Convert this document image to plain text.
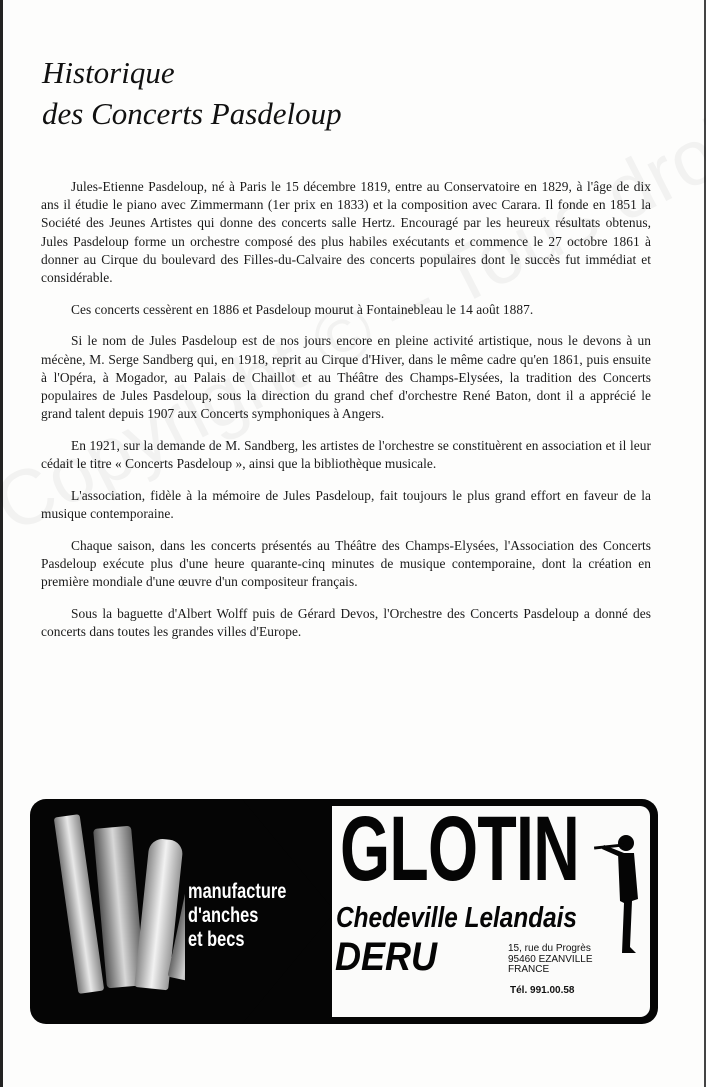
Historique
des Concerts Pasdeloup

Jules-Etienne Pasdeloup, né à Paris le 15 décembre 1819, entre au Conservatoire en 1829, à l'âge de dix ans il étudie le piano avec Zimmermann (1er prix en 1833) et la composition avec Carara. Il fonde en 1851 la Société des Jeunes Artistes qui donne des concerts salle Hertz. Encouragé par les heureux résultats obtenus, Jules Pasdeloup forme un orchestre composé des plus habiles exécutants et commence le 27 octobre 1861 à donner au Cirque du boulevard des Filles-du-Calvaire des concerts populaires dont le succès fut immédiat et considérable.

Ces concerts cessèrent en 1886 et Pasdeloup mourut à Fontainebleau le 14 août 1887.

Si le nom de Jules Pasdeloup est de nos jours encore en pleine activité artistique, nous le devons à un mécène, M. Serge Sandberg qui, en 1918, reprit au Cirque d'Hiver, dans le même cadre qu'en 1861, puis ensuite à l'Opéra, à Mogador, au Palais de Chaillot et au Théâtre des Champs-Elysées, la tradition des Concerts populaires de Jules Pasdeloup, sous la direction du grand chef d'orchestre René Baton, dont il a apprécié le grand talent depuis 1907 aux Concerts symphoniques à Angers.

En 1921, sur la demande de M. Sandberg, les artistes de l'orchestre se constituèrent en association et il leur cédait le titre « Concerts Pasdeloup », ainsi que la bibliothèque musicale.

L'association, fidèle à la mémoire de Jules Pasdeloup, fait toujours le plus grand effort en faveur de la musique contemporaine.

Chaque saison, dans les concerts présentés au Théâtre des Champs-Elysées, l'Association des Concerts Pasdeloup exécute plus d'une heure quarante-cinq minutes de musique contemporaine, dont la création en première mondiale d'une œuvre d'un compositeur français.

Sous la baguette d'Albert Wolff puis de Gérard Devos, l'Orchestre des Concerts Pasdeloup a donné des concerts dans toutes les grandes villes d'Europe.

manufacture
d'anches
et becs
GLOTIN
Chedeville Lelandais
DERU	15, rue du Progrès
95460 EZANVILLE
FRANCE
Tél. 991.00.58
